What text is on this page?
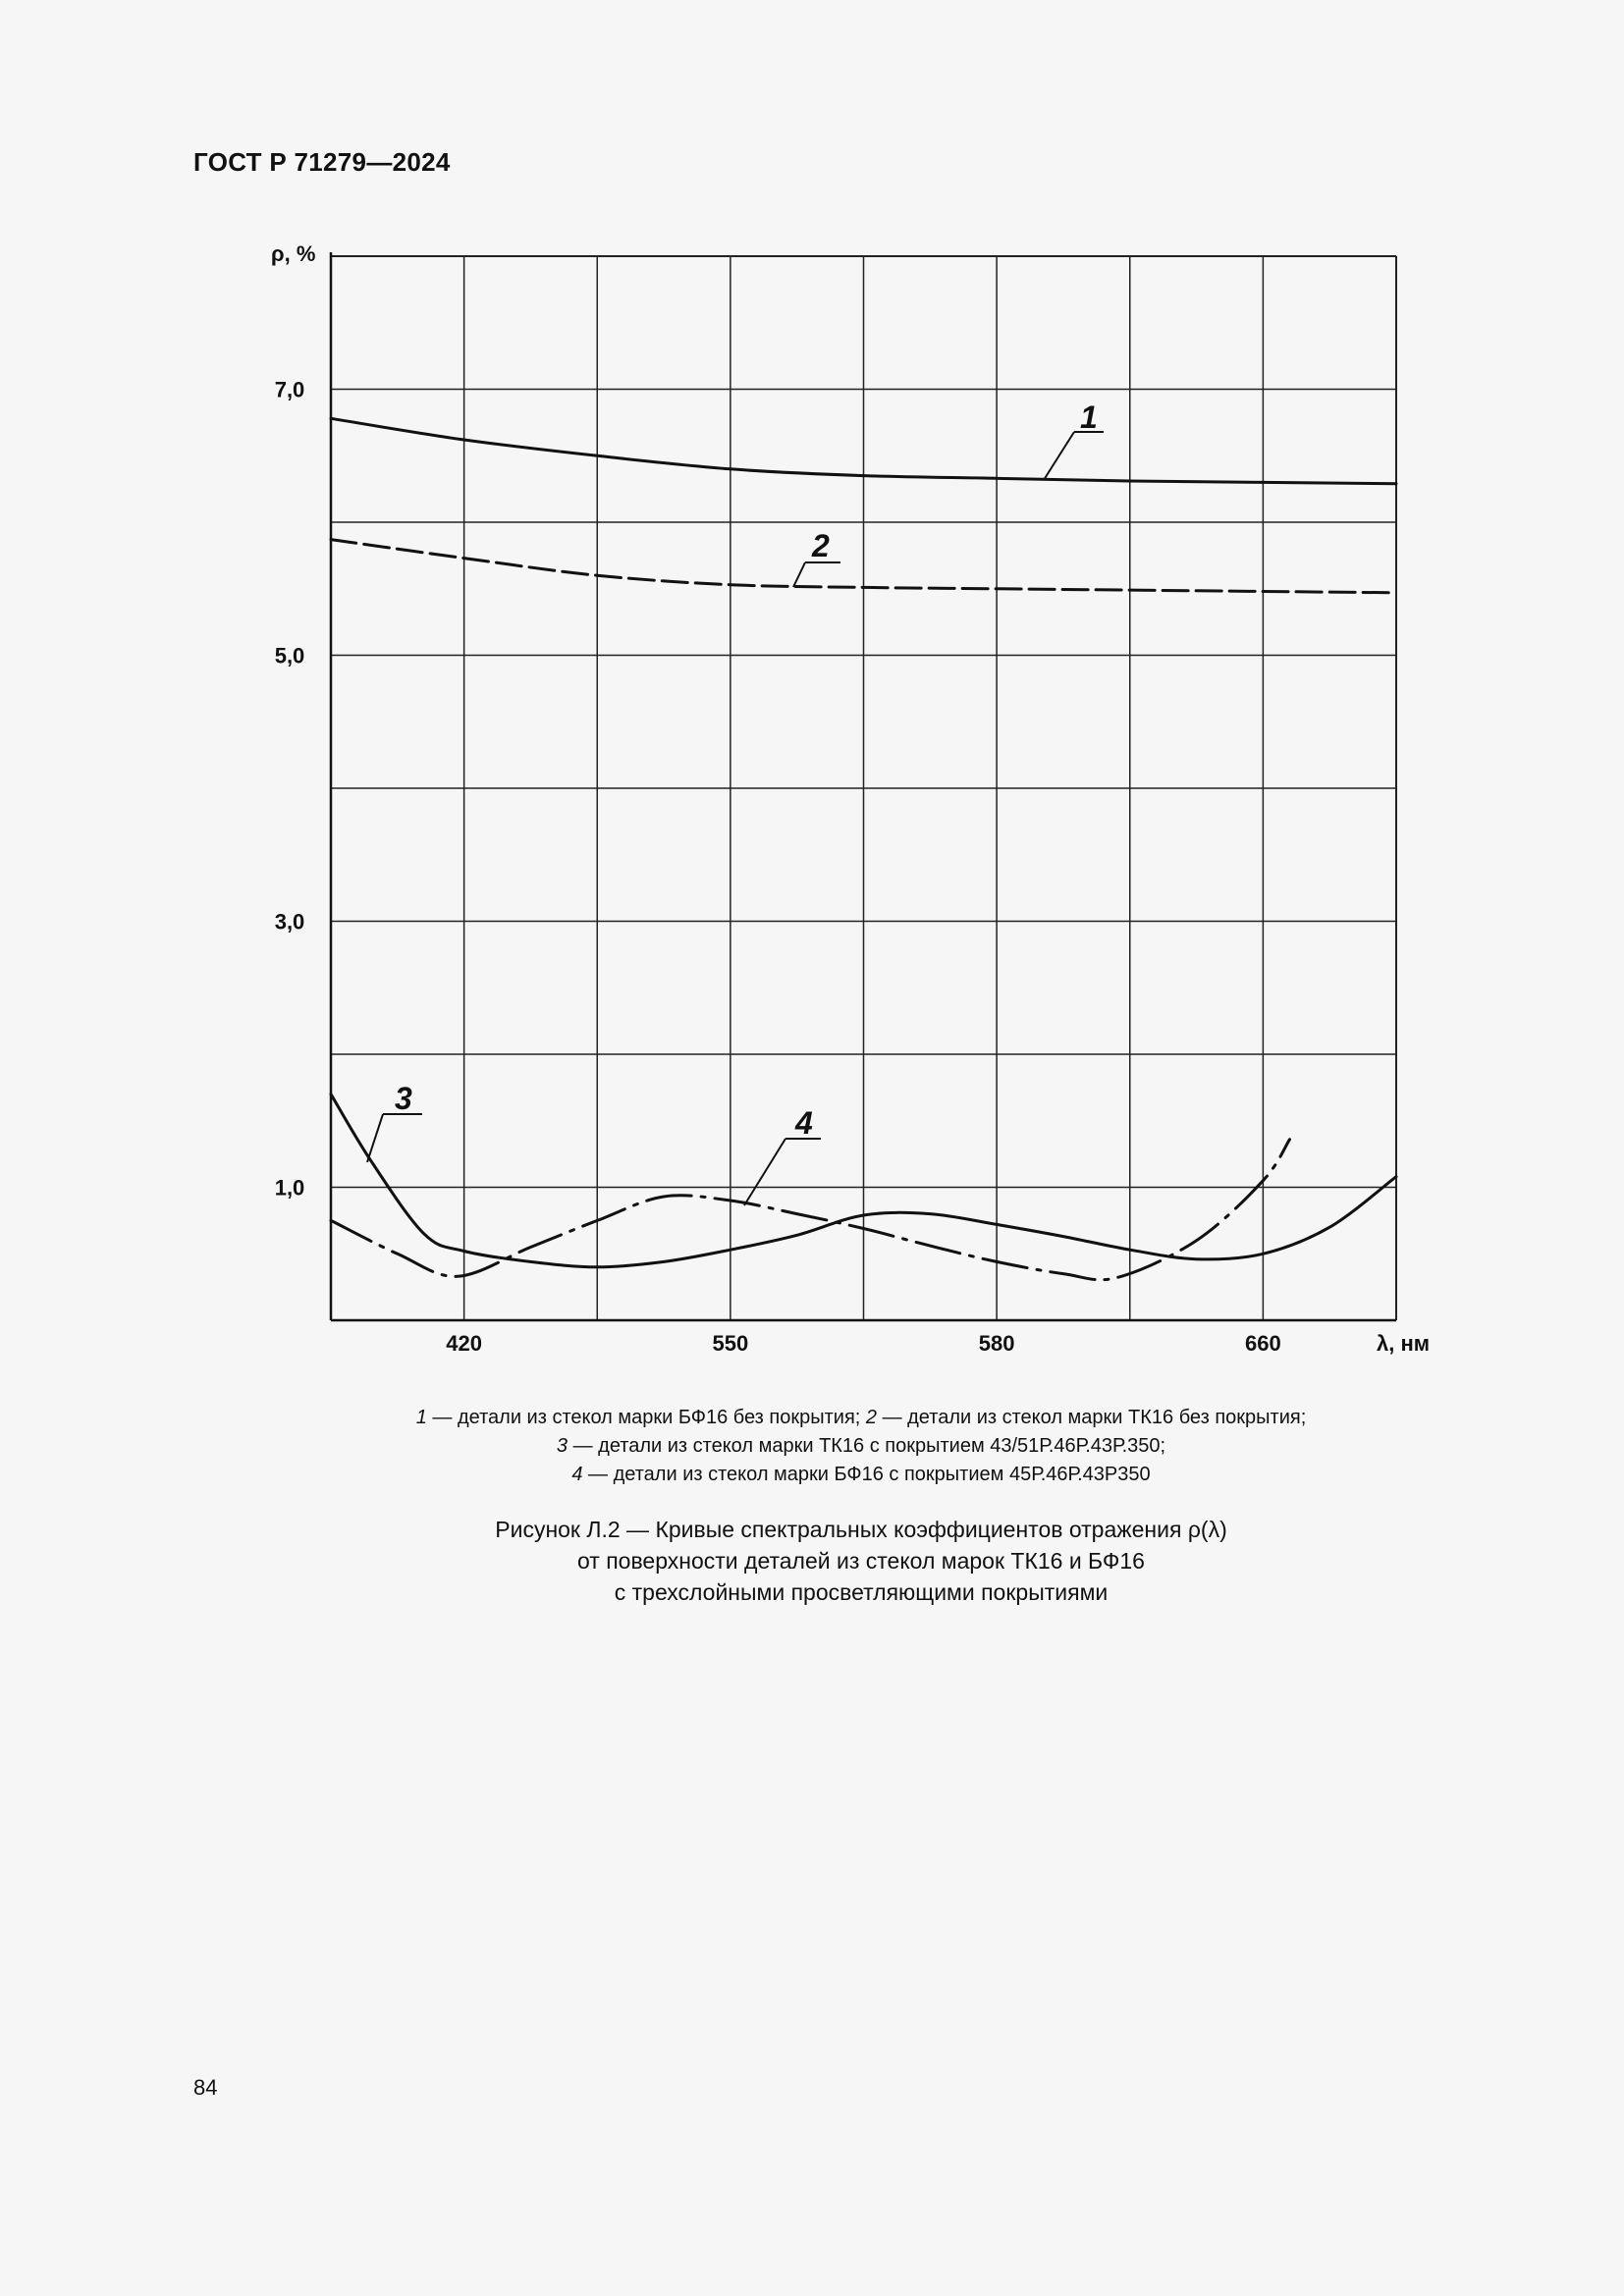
ГОСТ Р 71279—2024
7,0
5,0
3,0
1,0
420	550	580	660
ρ, %
λ, нм
1
2
3
4
1 — детали из стекол марки БФ16 без покрытия; 2 — детали из стекол марки ТК16 без покрытия;
3 — детали из стекол марки ТК16 с покрытием 43/51Р.46Р.43Р.350;
4 — детали из стекол марки БФ16 с покрытием 45Р.46Р.43Р350
Рисунок Л.2 — Кривые спектральных коэффициентов отражения ρ(λ)
от поверхности деталей из стекол марок ТК16 и БФ16
с трехслойными просветляющими покрытиями
84
